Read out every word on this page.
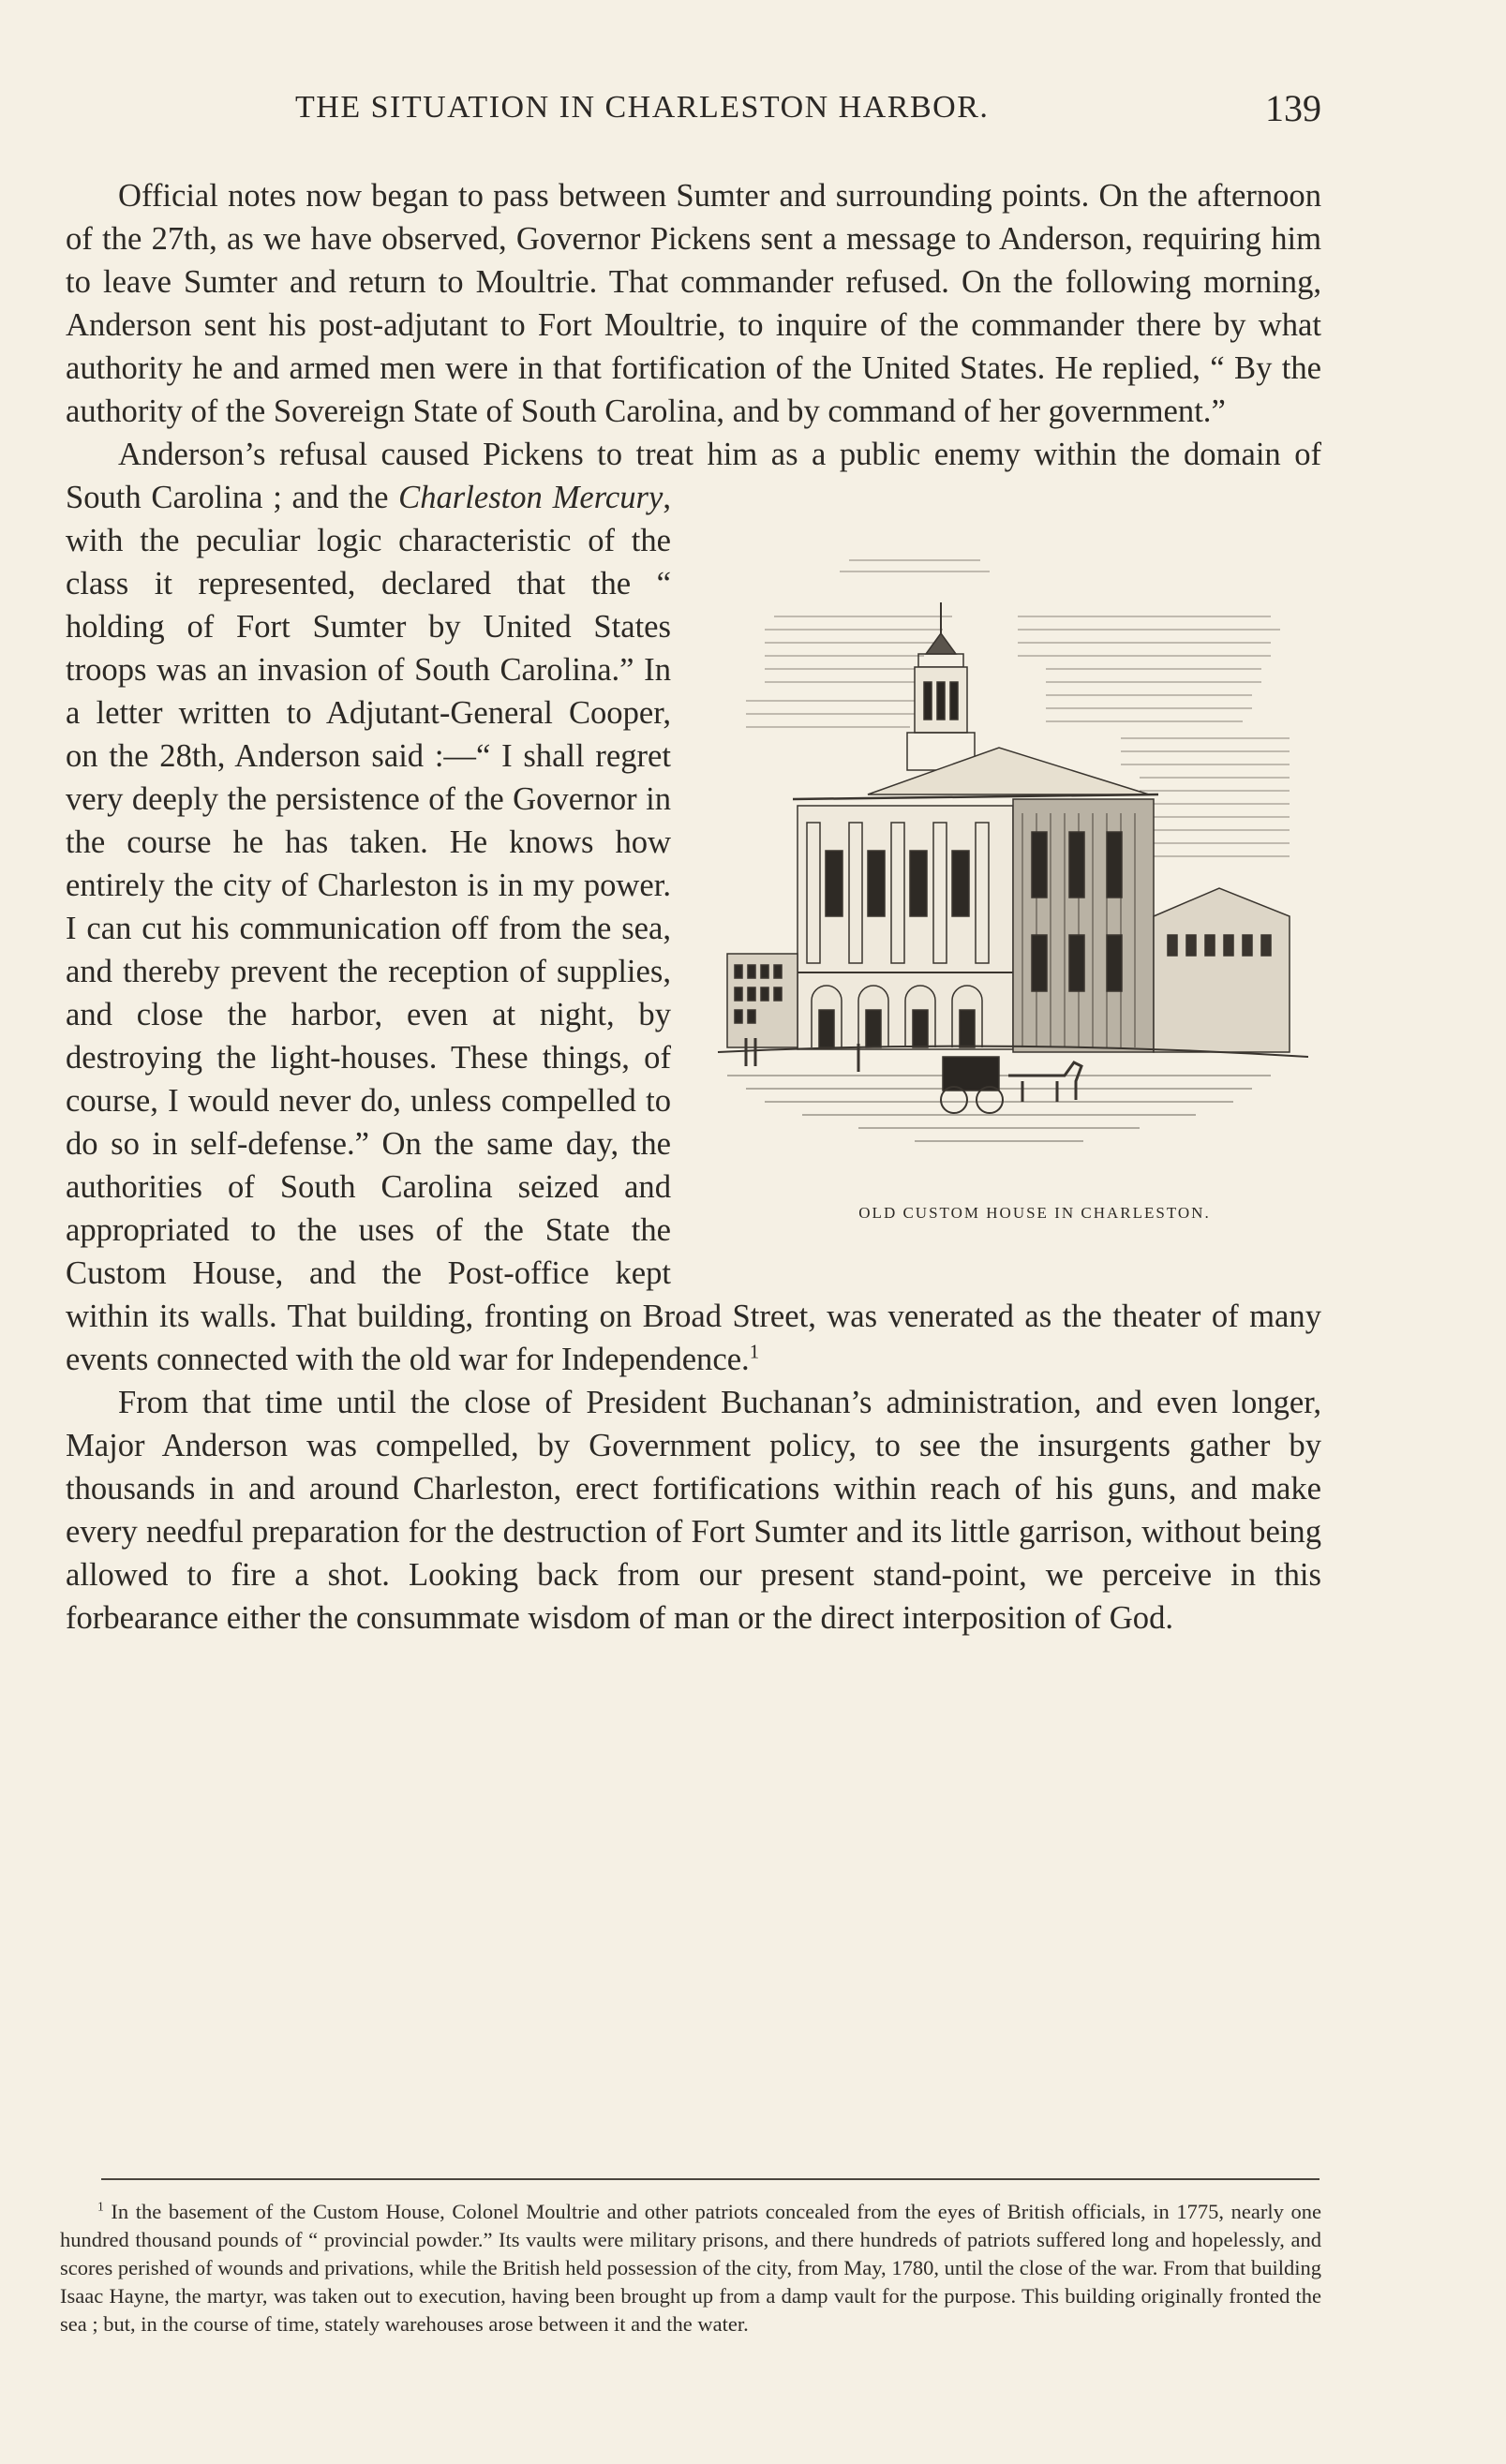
THE SITUATION IN CHARLESTON HARBOR.	139

Official notes now began to pass between Sumter and surrounding points. On the afternoon of the 27th, as we have observed, Governor Pickens sent a message to Anderson, requiring him to leave Sumter and return to Moultrie. That commander refused. On the following morning, Anderson sent his post-adjutant to Fort Moultrie, to inquire of the commander there by what authority he and armed men were in that fortification of the United States. He replied, “ By the authority of the Sovereign State of South Carolina, and by command of her government.”

Anderson’s refusal caused Pickens to treat him as a public enemy within the domain of South Carolina ; and the Charleston Mercury
OLD CUSTOM HOUSE IN CHARLESTON.
, with the peculiar logic characteristic of the class it represented, declared that the “ holding of Fort Sumter by United States troops was an invasion of South Carolina.” In a letter written to Adjutant-General Cooper, on the 28th, Anderson said :—“ I shall regret very deeply the persistence of the Governor in the course he has taken. He knows how entirely the city of Charleston is in my power. I can cut his communication off from the sea, and thereby prevent the reception of supplies, and close the harbor, even at night, by destroying the light-houses. These things, of course, I would never do, unless compelled to do so in self-defense.” On the same day, the authorities of South Carolina seized and appropriated to the uses of the State the Custom House, and the Post-office kept within its walls. That building, fronting on Broad Street, was venerated as the theater of many events connected with the old war for Independence.$^1$

From that time until the close of President Buchanan’s administration, and even longer, Major Anderson was compelled, by Government policy, to see the insurgents gather by thousands in and around Charleston, erect fortifications within reach of his guns, and make every needful preparation for the destruction of Fort Sumter and its little garrison, without being allowed to fire a shot. Looking back from our present stand-point, we perceive in this forbearance either the consummate wisdom of man or the direct interposition of God.

$^1$ In the basement of the Custom House, Colonel Moultrie and other patriots concealed from the eyes of British officials, in 1775, nearly one hundred thousand pounds of “ provincial powder.” Its vaults were military prisons, and there hundreds of patriots suffered long and hopelessly, and scores perished of wounds and privations, while the British held possession of the city, from May, 1780, until the close of the war. From that building Isaac Hayne, the martyr, was taken out to execution, having been brought up from a damp vault for the purpose. This building originally fronted the sea ; but, in the course of time, stately warehouses arose between it and the water.
